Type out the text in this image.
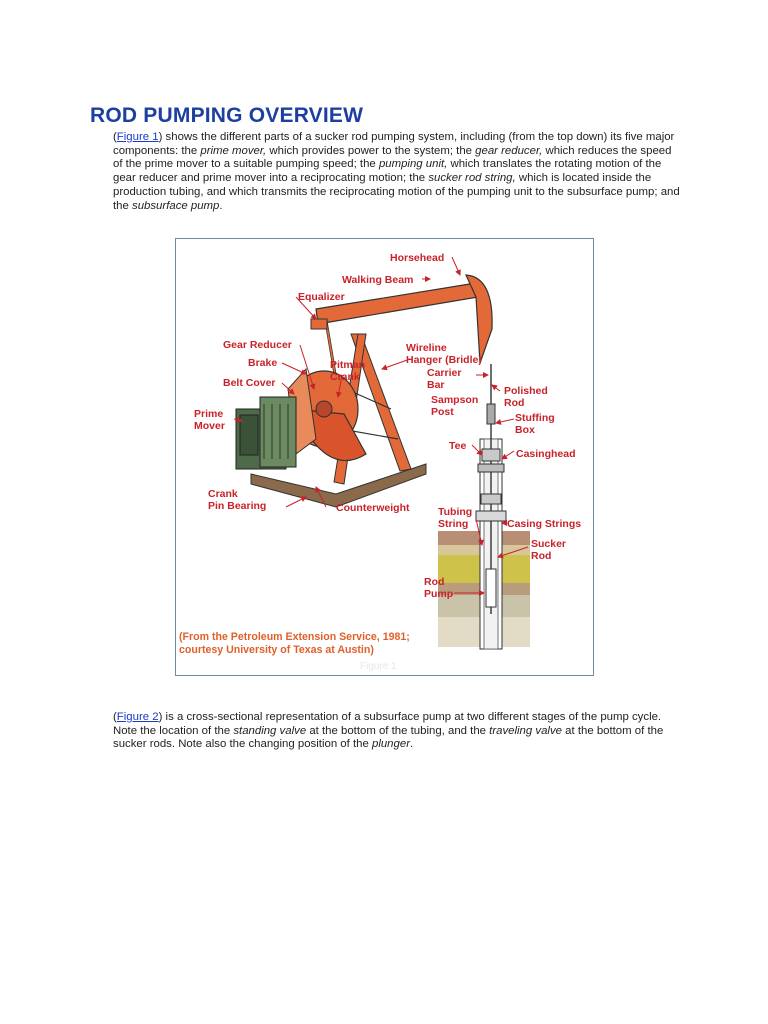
ROD PUMPING OVERVIEW

(Figure 1) shows the different parts of a sucker rod pumping system, including (from the top down) its five major components: the prime mover, which provides power to the system; the gear reducer, which reduces the speed of the prime mover to a suitable pumping speed; the pumping unit, which translates the rotating motion of the gear reducer and prime mover into a reciprocating motion; the sucker rod string, which is located inside the production tubing, and which transmits the reciprocating motion of the pumping unit to the subsurface pump; and the subsurface pump.

Horsehead
Walking Beam
Equalizer
Gear Reducer
Brake
Belt Cover
Prime
Mover
Pitman
Crank
Wireline
Hanger (Bridle)
Carrier
Bar
Sampson
Post
Polished
Rod
Stuffing
Box
Tee
Casinghead
Crank
Pin Bearing	Counterweight	Tubing
String	Casing Strings
Sucker
Rod
Rod
Pump
(From the Petroleum Extension Service, 1981;
courtesy University of Texas at Austin)
Figure 1

(Figure 2) is a cross-sectional representation of a subsurface pump at two different stages of the pump cycle. Note the location of the standing valve at the bottom of the tubing, and the traveling valve at the bottom of the sucker rods. Note also the changing position of the plunger.
